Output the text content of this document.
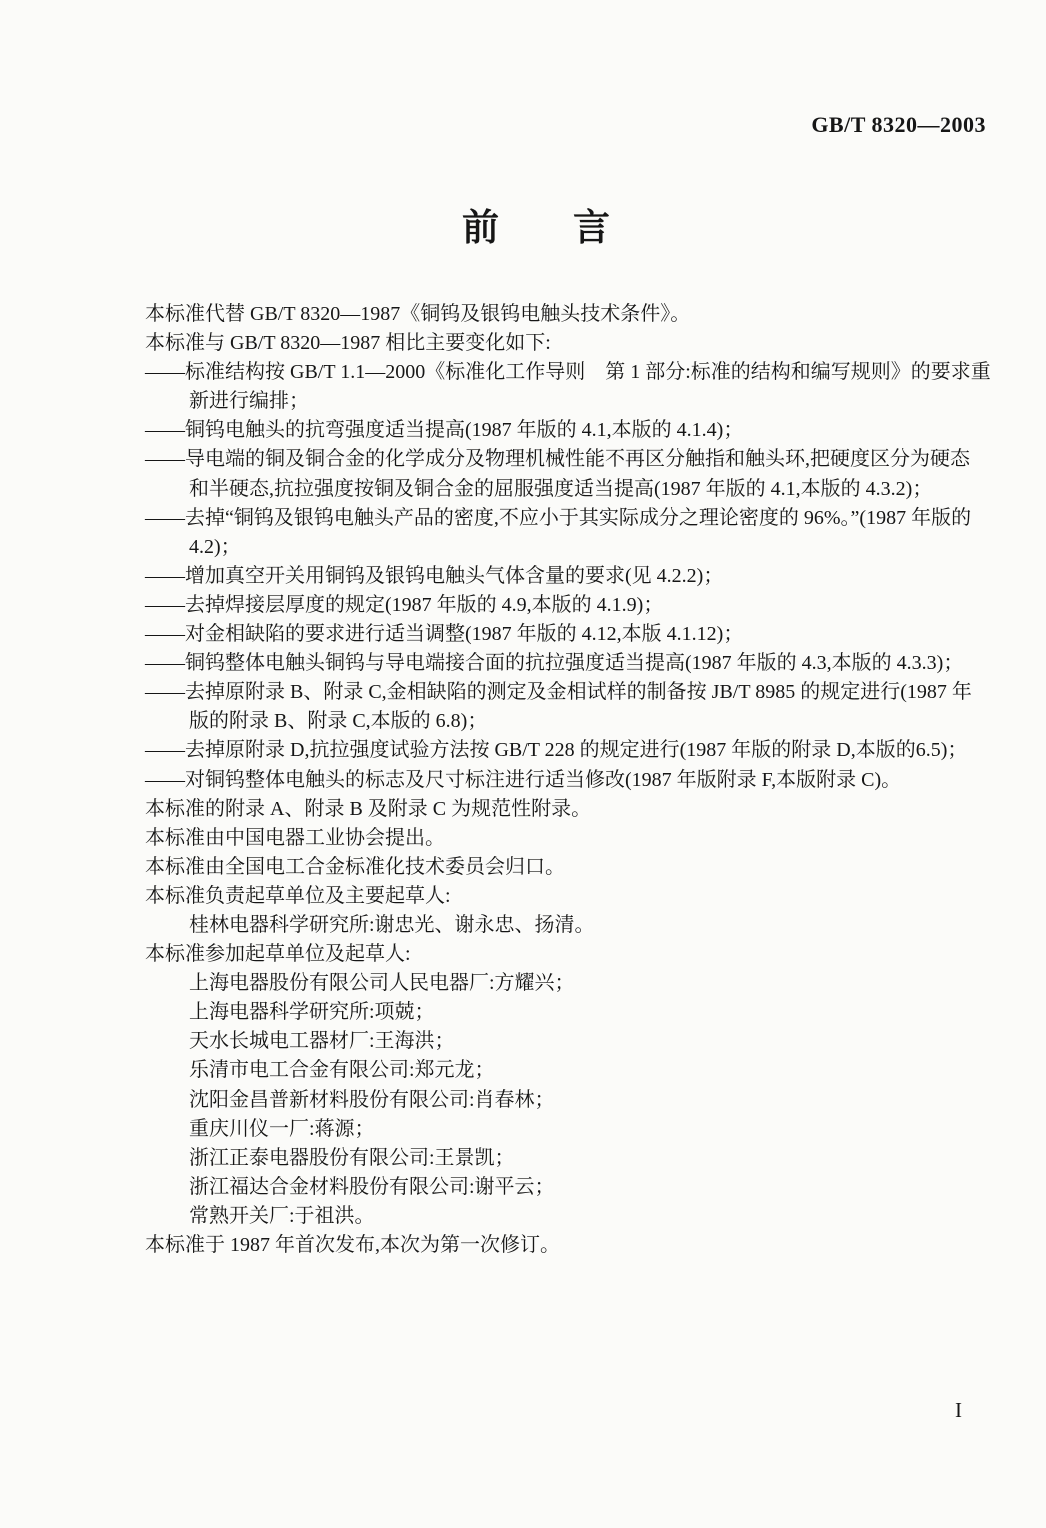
GB/T 8320—2003
前　　言
本标准代替 GB/T 8320—1987《铜钨及银钨电触头技术条件》。
本标准与 GB/T 8320—1987 相比主要变化如下:
——标准结构按 GB/T 1.1—2000《标准化工作导则　第 1 部分:标准的结构和编写规则》的要求重
新进行编排；
——铜钨电触头的抗弯强度适当提高(1987 年版的 4.1,本版的 4.1.4)；
——导电端的铜及铜合金的化学成分及物理机械性能不再区分触指和触头环,把硬度区分为硬态
和半硬态,抗拉强度按铜及铜合金的屈服强度适当提高(1987 年版的 4.1,本版的 4.3.2)；
——去掉“铜钨及银钨电触头产品的密度,不应小于其实际成分之理论密度的 96%。”(1987 年版的
4.2)；
——增加真空开关用铜钨及银钨电触头气体含量的要求(见 4.2.2)；
——去掉焊接层厚度的规定(1987 年版的 4.9,本版的 4.1.9)；
——对金相缺陷的要求进行适当调整(1987 年版的 4.12,本版 4.1.12)；
——铜钨整体电触头铜钨与导电端接合面的抗拉强度适当提高(1987 年版的 4.3,本版的 4.3.3)；
——去掉原附录 B、附录 C,金相缺陷的测定及金相试样的制备按 JB/T 8985 的规定进行(1987 年
版的附录 B、附录 C,本版的 6.8)；
——去掉原附录 D,抗拉强度试验方法按 GB/T 228 的规定进行(1987 年版的附录 D,本版的6.5)；
——对铜钨整体电触头的标志及尺寸标注进行适当修改(1987 年版附录 F,本版附录 C)。
本标准的附录 A、附录 B 及附录 C 为规范性附录。
本标准由中国电器工业协会提出。
本标准由全国电工合金标准化技术委员会归口。
本标准负责起草单位及主要起草人:
桂林电器科学研究所:谢忠光、谢永忠、扬清。
本标准参加起草单位及起草人:
上海电器股份有限公司人民电器厂:方耀兴；
上海电器科学研究所:项兢；
天水长城电工器材厂:王海洪；
乐清市电工合金有限公司:郑元龙；
沈阳金昌普新材料股份有限公司:肖春林；
重庆川仪一厂:蒋源；
浙江正泰电器股份有限公司:王景凯；
浙江福达合金材料股份有限公司:谢平云；
常熟开关厂:于祖洪。
本标准于 1987 年首次发布,本次为第一次修订。
I
